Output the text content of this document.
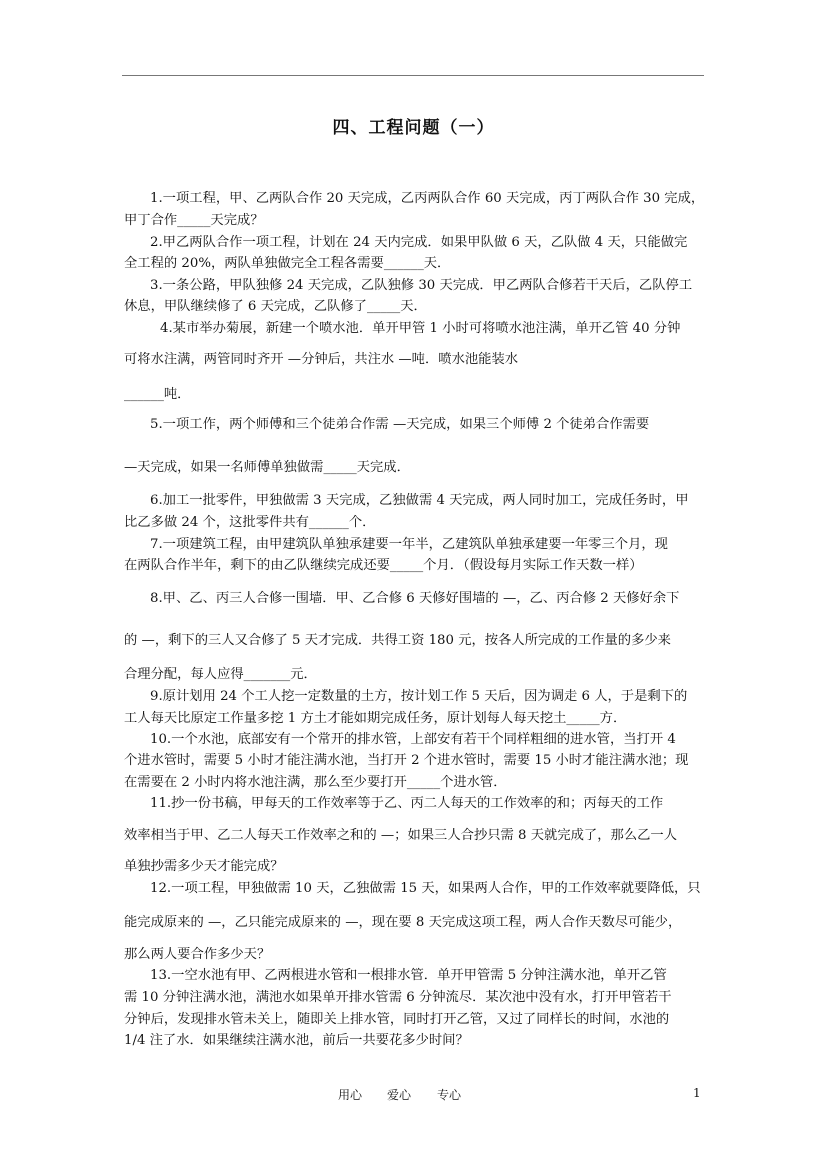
四、工程问题（一）
1.一项工程，甲、乙两队合作 20 天完成，乙丙两队合作 60 天完成，丙丁两队合作 30 完成，
甲丁合作_____天完成？
2.甲乙两队合作一项工程，计划在 24 天内完成．如果甲队做 6 天，乙队做 4 天，只能做完
全工程的 20%，两队单独做完全工程各需要______天．
3.一条公路，甲队独修 24 天完成，乙队独修 30 天完成．甲乙两队合修若干天后，乙队停工
休息，甲队继续修了 6 天完成，乙队修了_____天．
4.某市举办菊展，新建一个喷水池．单开甲管 1 小时可将喷水池注满，单开乙管 40 分钟
可将水注满，两管同时齐开 —分钟后，共注水 —吨．喷水池能装水
______吨．
5.一项工作，两个师傅和三个徒弟合作需 —天完成，如果三个师傅 2 个徒弟合作需要
—天完成，如果一名师傅单独做需_____天完成．
6.加工一批零件，甲独做需 3 天完成，乙独做需 4 天完成，两人同时加工，完成任务时，甲
比乙多做 24 个，这批零件共有______个．
7.一项建筑工程，由甲建筑队单独承建要一年半，乙建筑队单独承建要一年零三个月，现
在两队合作半年，剩下的由乙队继续完成还要_____个月．（假设每月实际工作天数一样）
8.甲、乙、丙三人合修一围墙．甲、乙合修 6 天修好围墙的 —，乙、丙合修 2 天修好余下
的 —，剩下的三人又合修了 5 天才完成．共得工资 180 元，按各人所完成的工作量的多少来
合理分配，每人应得_______元．
9.原计划用 24 个工人挖一定数量的土方，按计划工作 5 天后，因为调走 6 人，于是剩下的
工人每天比原定工作量多挖 1 方土才能如期完成任务，原计划每人每天挖土_____方．
10.一个水池，底部安有一个常开的排水管，上部安有若干个同样粗细的进水管，当打开 4
个进水管时，需要 5 小时才能注满水池，当打开 2 个进水管时，需要 15 小时才能注满水池；现
在需要在 2 小时内将水池注满，那么至少要打开_____个进水管．
11.抄一份书稿，甲每天的工作效率等于乙、丙二人每天的工作效率的和；丙每天的工作
效率相当于甲、乙二人每天工作效率之和的 —；如果三人合抄只需 8 天就完成了，那么乙一人
单独抄需多少天才能完成？
12.一项工程，甲独做需 10 天，乙独做需 15 天，如果两人合作，甲的工作效率就要降低，只
能完成原来的 —，乙只能完成原来的 —，现在要 8 天完成这项工程，两人合作天数尽可能少，
那么两人要合作多少天？
13.一空水池有甲、乙两根进水管和一根排水管．单开甲管需 5 分钟注满水池，单开乙管
需 10 分钟注满水池，满池水如果单开排水管需 6 分钟流尽．某次池中没有水，打开甲管若干
分钟后，发现排水管未关上，随即关上排水管，同时打开乙管，又过了同样长的时间，水池的
1/4 注了水．如果继续注满水池，前后一共要花多少时间？
用心 爱心 专心	1
